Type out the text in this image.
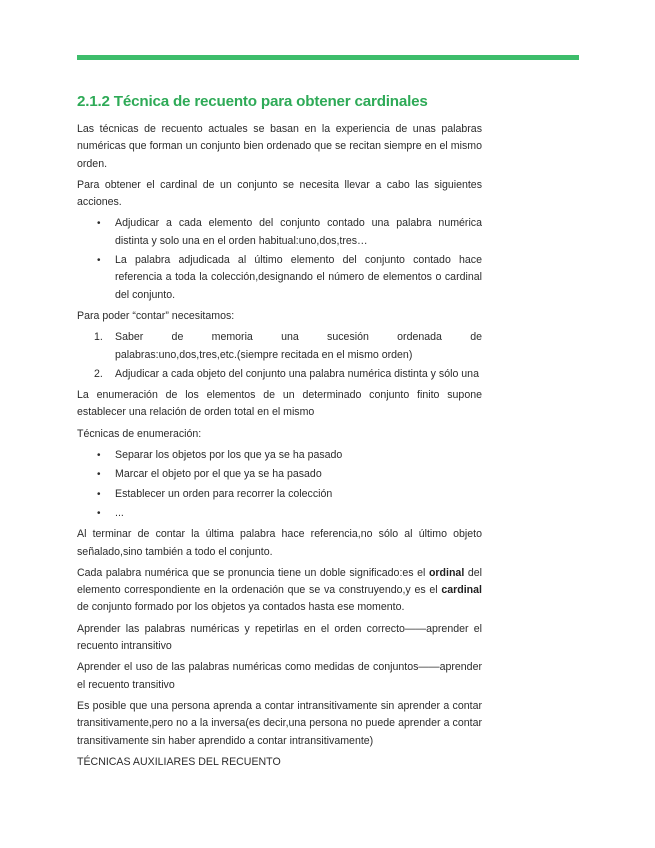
2.1.2 Técnica de recuento para obtener cardinales

Las técnicas de recuento actuales se basan en la experiencia de unas palabras numéricas que forman un conjunto bien ordenado que se recitan siempre en el mismo orden.

Para obtener el cardinal de un conjunto se necesita llevar a cabo las siguientes acciones.

• Adjudicar a cada elemento del conjunto contado una palabra numérica distinta y solo una en el orden habitual:uno,dos,tres…
• La palabra adjudicada al último elemento del conjunto contado hace referencia a toda la colección,designando el número de elementos o cardinal del conjunto.

Para poder “contar” necesitamos:

1. Saber de memoria una sucesión ordenada de
palabras:uno,dos,tres,etc.(siempre recitada en el mismo orden)
2. Adjudicar a cada objeto del conjunto una palabra numérica distinta y sólo una

La enumeración de los elementos de un determinado conjunto finito supone establecer una relación de orden total en el mismo

Técnicas de enumeración:

• Separar los objetos por los que ya se ha pasado
• Marcar el objeto por el que ya se ha pasado
• Establecer un orden para recorrer la colección
• ...

Al terminar de contar la última palabra hace referencia,no sólo al último objeto señalado,sino también a todo el conjunto.

Cada palabra numérica que se pronuncia tiene un doble significado:es el ordinal del elemento correspondiente en la ordenación que se va construyendo,y es el cardinal de conjunto formado por los objetos ya contados hasta ese momento.

Aprender las palabras numéricas y repetirlas en el orden correcto——aprender el recuento intransitivo

Aprender el uso de las palabras numéricas como medidas de conjuntos——aprender el recuento transitivo

Es posible que una persona aprenda a contar intransitivamente sin aprender a contar transitivamente,pero no a la inversa(es decir,una persona no puede aprender a contar transitivamente sin haber aprendido a contar intransitivamente)

TÉCNICAS AUXILIARES DEL RECUENTO
